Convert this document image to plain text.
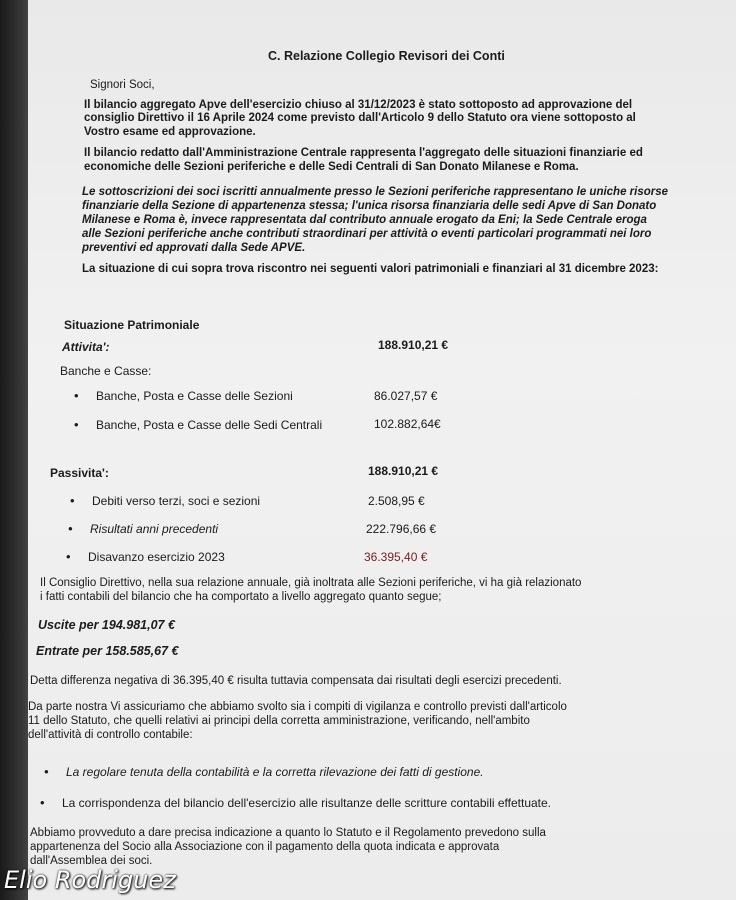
C. Relazione Collegio Revisori dei Conti
Signori Soci,
Il bilancio aggregato Apve dell'esercizio chiuso al 31/12/2023 è stato sottoposto ad approvazione del
consiglio Direttivo il 16 Aprile 2024 come previsto dall'Articolo 9 dello Statuto ora viene sottoposto al
Vostro esame ed approvazione.
Il bilancio redatto dall'Amministrazione Centrale rappresenta l'aggregato delle situazioni finanziarie ed
economiche delle Sezioni periferiche e delle Sedi Centrali di San Donato Milanese e Roma.
Le sottoscrizioni dei soci iscritti annualmente presso le Sezioni periferiche rappresentano le uniche risorse
finanziarie della Sezione di appartenenza stessa; l'unica risorsa finanziaria delle sedi Apve di San Donato
Milanese e Roma è, invece rappresentata dal contributo annuale erogato da Eni; la Sede Centrale eroga
alle Sezioni periferiche anche contributi straordinari per attività o eventi particolari programmati nei loro
preventivi ed approvati dalla Sede APVE.
La situazione di cui sopra trova riscontro nei seguenti valori patrimoniali e finanziari al 31 dicembre 2023:
Situazione Patrimoniale
Attivita':	188.910,21 €
Banche e Casse:
• Banche, Posta e Casse delle Sezioni	86.027,57 €
• Banche, Posta e Casse delle Sedi Centrali	102.882,64€
Passivita':	188.910,21 €
• Debiti verso terzi, soci e sezioni	2.508,95 €
• Risultati anni precedenti	222.796,66 €
• Disavanzo esercizio 2023	36.395,40 €
Il Consiglio Direttivo, nella sua relazione annuale, già inoltrata alle Sezioni periferiche, vi ha già relazionato
i fatti contabili del bilancio che ha comportato a livello aggregato quanto segue;
Uscite per 194.981,07 €
Entrate per 158.585,67 €
Detta differenza negativa di 36.395,40 € risulta tuttavia compensata dai risultati degli esercizi precedenti.
Da parte nostra Vi assicuriamo che abbiamo svolto sia i compiti di vigilanza e controllo previsti dall'articolo
11 dello Statuto, che quelli relativi ai principi della corretta amministrazione, verificando, nell'ambito
dell'attività di controllo contabile:
• La regolare tenuta della contabilità e la corretta rilevazione dei fatti di gestione.
• La corrispondenza del bilancio dell'esercizio alle risultanze delle scritture contabili effettuate.
Abbiamo provveduto a dare precisa indicazione a quanto lo Statuto e il Regolamento prevedono sulla
appartenenza del Socio alla Associazione con il pagamento della quota indicata e approvata
dall'Assemblea dei soci.
Elio Rodriguez
